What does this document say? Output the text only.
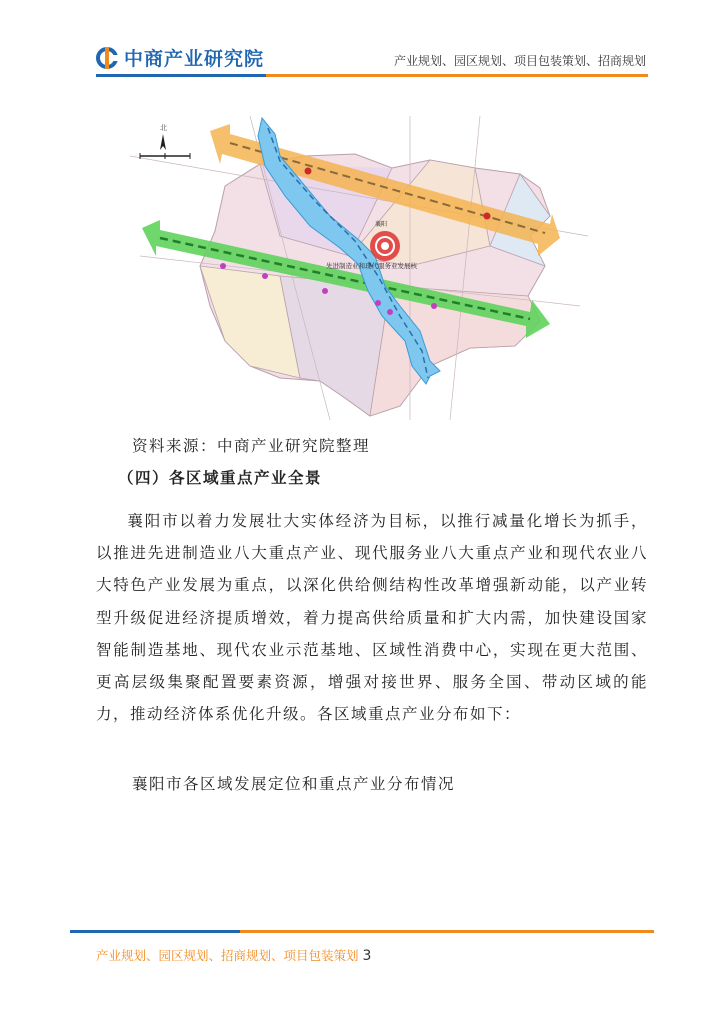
中商产业研究院	产业规划、园区规划、项目包装策划、招商规划
襄阳
先进制造业和现代服务业发展核
北
资料来源：中商产业研究院整理
（四）各区域重点产业全景
襄阳市以着力发展壮大实体经济为目标，以推行减量化增长为抓手，以推进先进制造业八大重点产业、现代服务业八大重点产业和现代农业八大特色产业发展为重点，以深化供给侧结构性改革增强新动能，以产业转型升级促进经济提质增效，着力提高供给质量和扩大内需，加快建设国家智能制造基地、现代农业示范基地、区域性消费中心，实现在更大范围、更高层级集聚配置要素资源，增强对接世界、服务全国、带动区域的能力，推动经济体系优化升级。各区域重点产业分布如下：
襄阳市各区域发展定位和重点产业分布情况
产业规划、园区规划、招商规划、项目包装策划 3
